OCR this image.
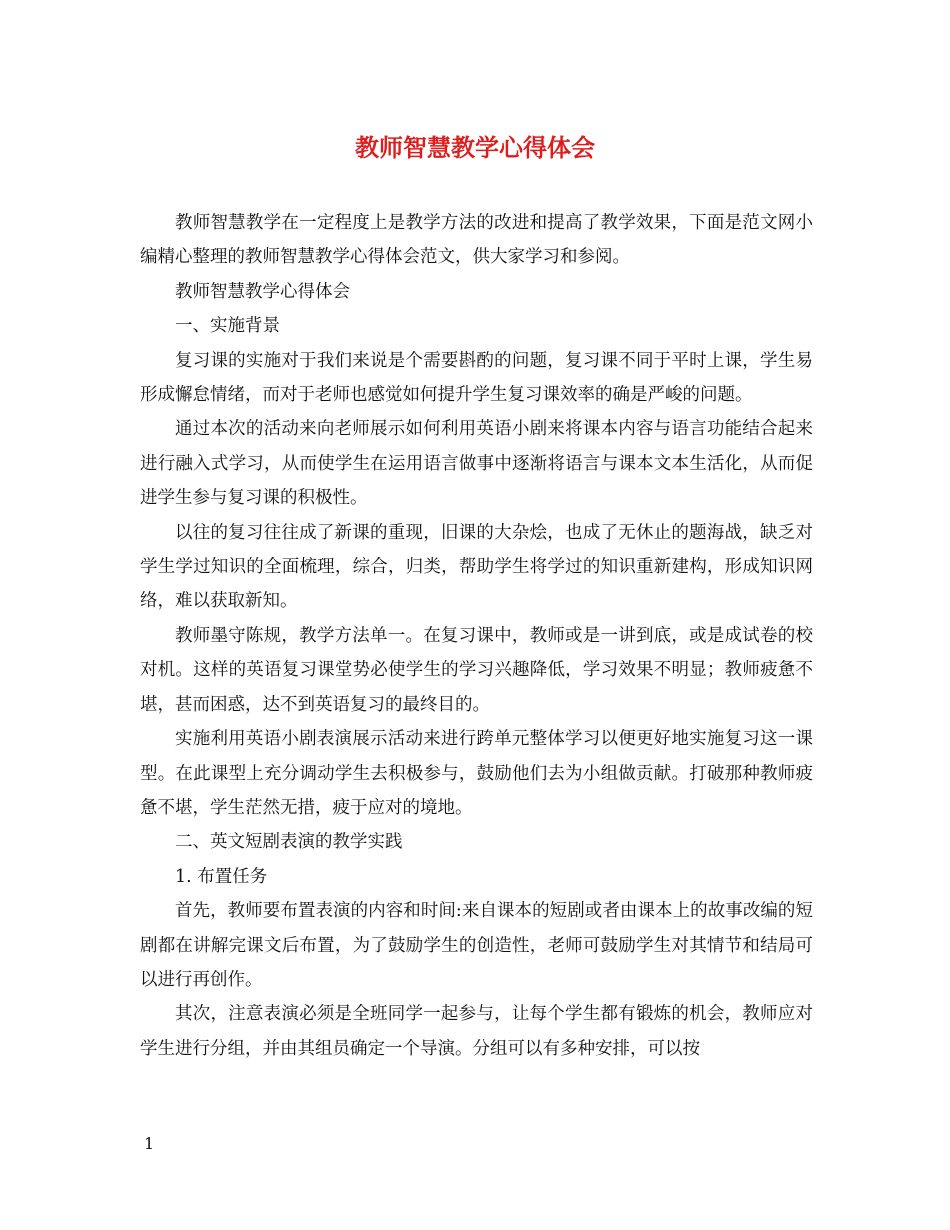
教师智慧教学心得体会

教师智慧教学在一定程度上是教学方法的改进和提高了教学效果，下面是范文网小编精心整理的教师智慧教学心得体会范文，供大家学习和参阅。

教师智慧教学心得体会

一、实施背景

复习课的实施对于我们来说是个需要斟酌的问题，复习课不同于平时上课，学生易形成懈怠情绪，而对于老师也感觉如何提升学生复习课效率的确是严峻的问题。

通过本次的活动来向老师展示如何利用英语小剧来将课本内容与语言功能结合起来进行融入式学习，从而使学生在运用语言做事中逐渐将语言与课本文本生活化，从而促进学生参与复习课的积极性。

以往的复习往往成了新课的重现，旧课的大杂烩，也成了无休止的题海战，缺乏对学生学过知识的全面梳理，综合，归类，帮助学生将学过的知识重新建构，形成知识网络，难以获取新知。

教师墨守陈规，教学方法单一。在复习课中，教师或是一讲到底，或是成试卷的校对机。这样的英语复习课堂势必使学生的学习兴趣降低，学习效果不明显；教师疲惫不堪，甚而困惑，达不到英语复习的最终目的。

实施利用英语小剧表演展示活动来进行跨单元整体学习以便更好地实施复习这一课型。在此课型上充分调动学生去积极参与，鼓励他们去为小组做贡献。打破那种教师疲惫不堪，学生茫然无措，疲于应对的境地。

二、英文短剧表演的教学实践

1. 布置任务

首先，教师要布置表演的内容和时间:来自课本的短剧或者由课本上的故事改编的短剧都在讲解完课文后布置，为了鼓励学生的创造性，老师可鼓励学生对其情节和结局可以进行再创作。

其次，注意表演必须是全班同学一起参与，让每个学生都有锻炼的机会，教师应对学生进行分组，并由其组员确定一个导演。分组可以有多种安排，可以按

1
